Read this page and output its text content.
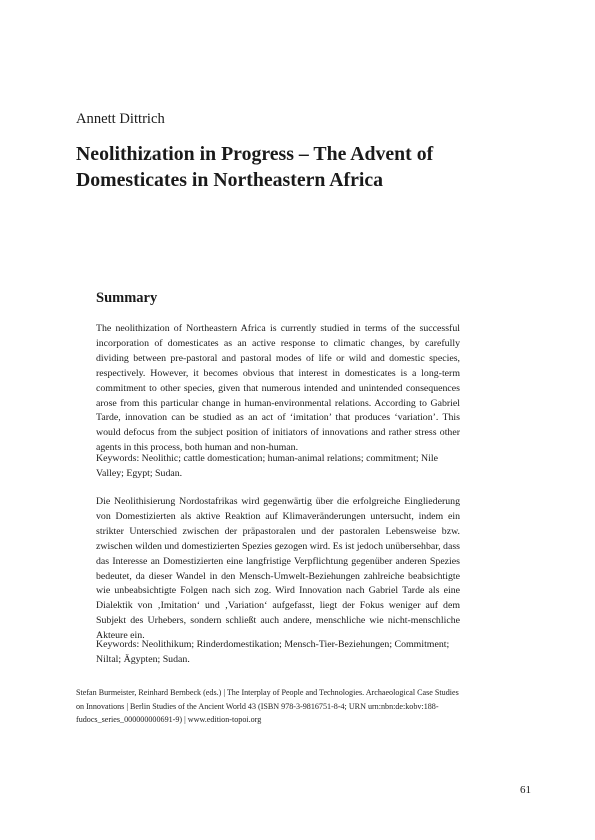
Annett Dittrich
Neolithization in Progress – The Advent of Domesticates in Northeastern Africa
Summary

The neolithization of Northeastern Africa is currently studied in terms of the successful incorporation of domesticates as an active response to climatic changes, by carefully dividing between pre-pastoral and pastoral modes of life or wild and domestic species, respectively. However, it becomes obvious that interest in domesticates is a long-term commitment to other species, given that numerous intended and unintended consequences arose from this particular change in human-environmental relations. According to Gabriel Tarde, innovation can be studied as an act of ‘imitation’ that produces ‘variation’. This would defocus from the subject position of initiators of innovations and rather stress other agents in this process, both human and non-human.

Keywords: Neolithic; cattle domestication; human-animal relations; commitment; Nile Valley; Egypt; Sudan.

Die Neolithisierung Nordostafrikas wird gegenwärtig über die erfolgreiche Eingliederung von Domestizierten als aktive Reaktion auf Klimaveränderungen untersucht, indem ein strikter Unterschied zwischen der präpastoralen und der pastoralen Lebensweise bzw. zwischen wilden und domestizierten Spezies gezogen wird. Es ist jedoch unübersehbar, dass das Interesse an Domestizierten eine langfristige Verpflichtung gegenüber anderen Spezies bedeutet, da dieser Wandel in den Mensch-Umwelt-Beziehungen zahlreiche beabsichtigte wie unbeabsichtigte Folgen nach sich zog. Wird Innovation nach Gabriel Tarde als eine Dialektik von ‚Imitation‘ und ‚Variation‘ aufgefasst, liegt der Fokus weniger auf dem Subjekt des Urhebers, sondern schließt auch andere, menschliche wie nicht-menschliche Akteure ein.

Keywords: Neolithikum; Rinderdomestikation; Mensch-Tier-Beziehungen; Commitment; Niltal; Ägypten; Sudan.

Stefan Burmeister, Reinhard Bernbeck (eds.) | The Interplay of People and Technologies. Archaeological Case Studies on Innovations | Berlin Studies of the Ancient World 43 (ISBN 978-3-9816751-8-4; URN urn:nbn:de:kobv:188-fudocs_series_000000000691-9) | www.edition-topoi.org

61
